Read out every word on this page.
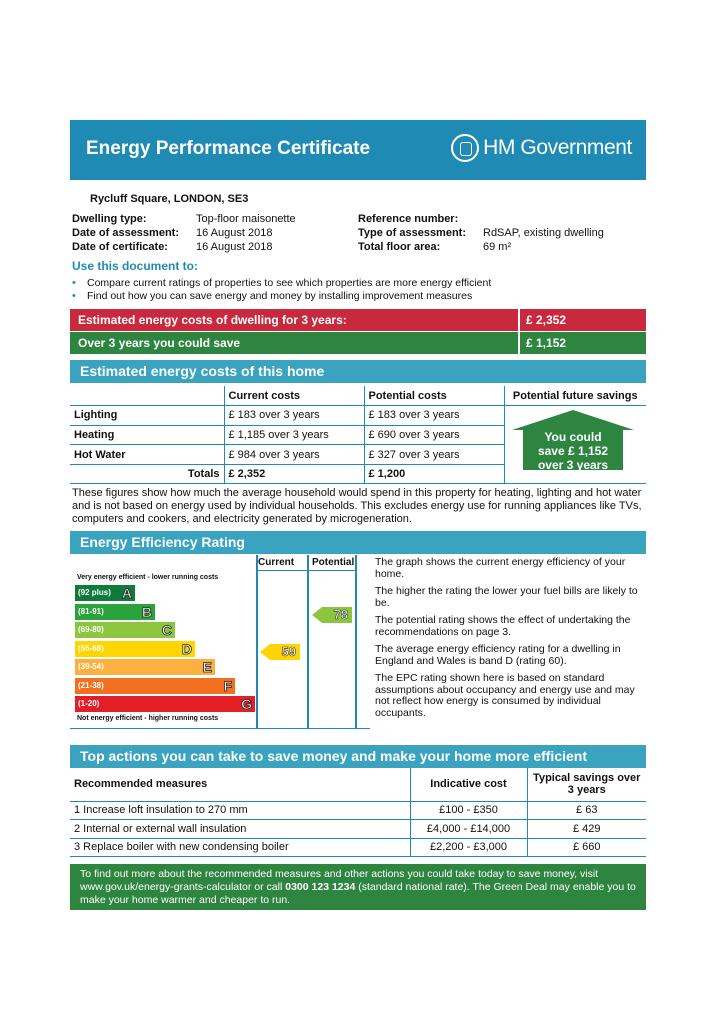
Energy Performance Certificate	HM Government
Rycluff Square, LONDON, SE3
Dwelling type:	Top-floor maisonette
Date of assessment:	16 August 2018
Date of certificate:	16 August 2018
Reference number:
Type of assessment:	RdSAP, existing dwelling
Total floor area:	69 m²
Use this document to:
•	Compare current ratings of properties to see which properties are more energy efficient
•	Find out how you can save energy and money by installing improvement measures
Estimated energy costs of dwelling for 3 years:	£ 2,352
Over 3 years you could save	£ 1,152
Estimated energy costs of this home
	Current costs	Potential costs	Potential future savings
Lighting	£ 183 over 3 years	£ 183 over 3 years	
Heating	£ 1,185 over 3 years	£ 690 over 3 years	
Hot Water	£ 984 over 3 years	£ 327 over 3 years	
Totals	£ 2,352	£ 1,200	
You could
save £ 1,152
over 3 years
These figures show how much the average household would spend in this property for heating, lighting and hot water and is not based on energy used by individual households. This excludes energy use for running appliances like TVs, computers and cookers, and electricity generated by microgeneration.
Energy Efficiency Rating
Current Potential
Very energy efficient - lower running costs
(92 plus) A
(81-91)	B
(69-80)	C
(55-68)	D
(39-54)	E
(21-38)	F
(1-20)	G
Not energy efficient - higher running costs
59
78

The graph shows the current energy efficiency of your home.

The higher the rating the lower your fuel bills are likely to be.

The potential rating shows the effect of undertaking the recommendations on page 3.

The average energy efficiency rating for a dwelling in England and Wales is band D (rating 60).

The EPC rating shown here is based on standard assumptions about occupancy and energy use and may not reflect how energy is consumed by individual occupants.

Top actions you can take to save money and make your home more efficient
Recommended measures	Indicative cost	Typical savings over 3 years
1 Increase loft insulation to 270 mm	£100 - £350	£ 63
2 Internal or external wall insulation	£4,000 - £14,000	£ 429
3 Replace boiler with new condensing boiler	£2,200 - £3,000	£ 660
To find out more about the recommended measures and other actions you could take today to save money, visit www.gov.uk/energy-grants-calculator or call 0300 123 1234 (standard national rate). The Green Deal may enable you to make your home warmer and cheaper to run.
